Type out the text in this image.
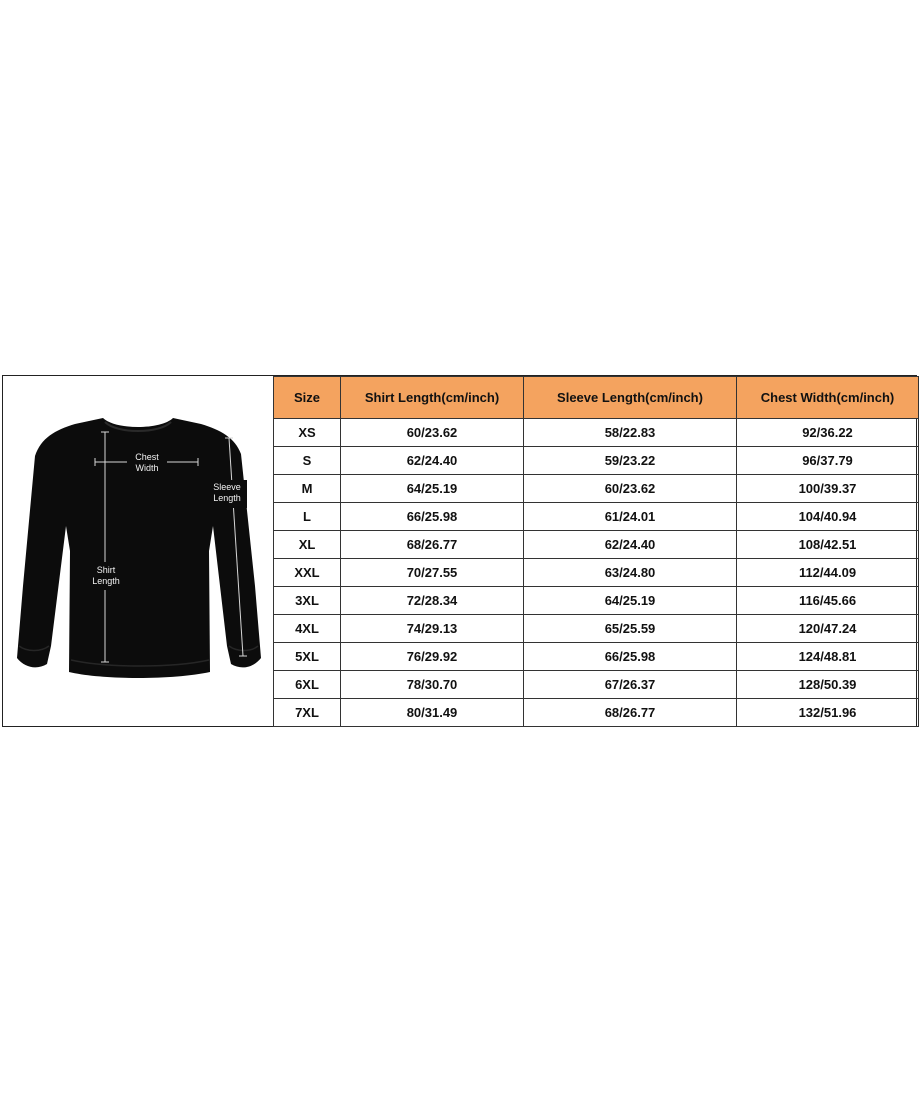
Chest
Width
Shirt
Length
Sleeve
Length
Size	Shirt Length(cm/inch)	Sleeve Length(cm/inch)	Chest Width(cm/inch)
XS	60/23.62	58/22.83	92/36.22
S	62/24.40	59/23.22	96/37.79
M	64/25.19	60/23.62	100/39.37
L	66/25.98	61/24.01	104/40.94
XL	68/26.77	62/24.40	108/42.51
XXL	70/27.55	63/24.80	112/44.09
3XL	72/28.34	64/25.19	116/45.66
4XL	74/29.13	65/25.59	120/47.24
5XL	76/29.92	66/25.98	124/48.81
6XL	78/30.70	67/26.37	128/50.39
7XL	80/31.49	68/26.77	132/51.96
